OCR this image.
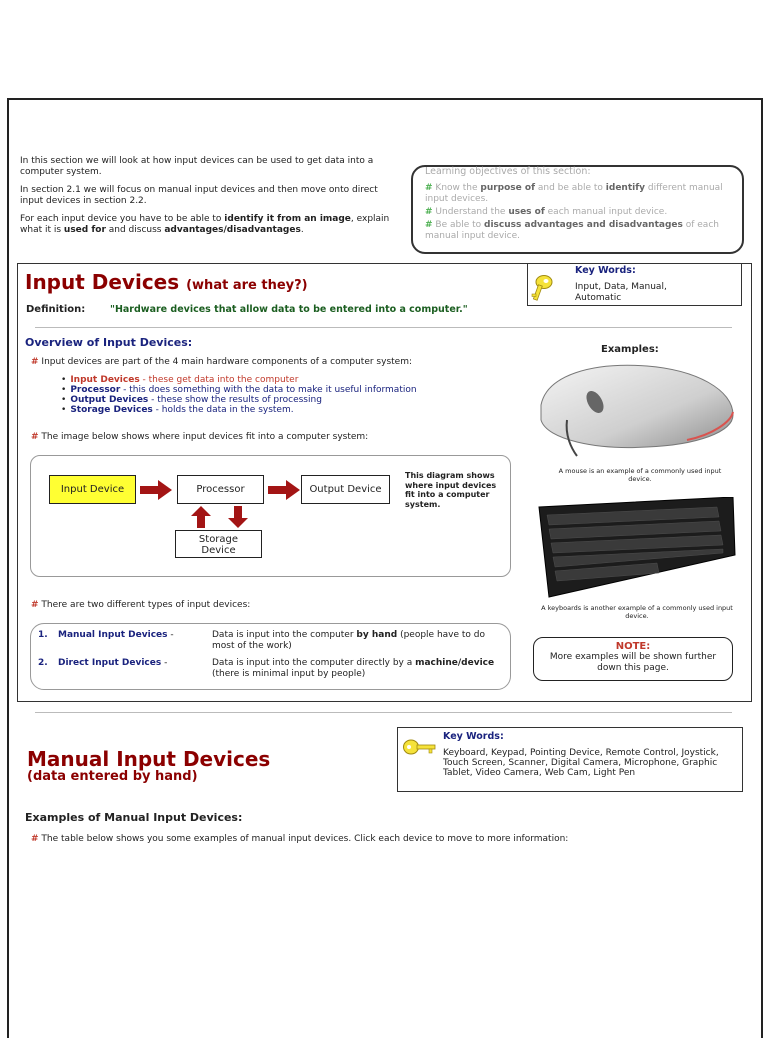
In this section we will look at how input devices can be used to get data into a computer system.

In section 2.1 we will focus on manual input devices and then move onto direct input devices in section 2.2.

For each input device you have to be able to identify it from an image, explain what it is used for and discuss advantages/disadvantages.

Learning objectives of this section:
# Know the purpose of and be able to identify different manual input devices.
# Understand the uses of each manual input device.
# Be able to discuss advantages and disadvantages of each manual input device.
Input Devices (what are they?)
Key Words:
Input, Data, Manual, Automatic
Definition:	"Hardware devices that allow data to be entered into a computer."
Overview of Input Devices:
# Input devices are part of the 4 main hardware components of a computer system:
• Input Devices - these get data into the computer
• Processor - this does something with the data to make it useful information
• Output Devices - these show the results of processing
• Storage Devices - holds the data in the system.
# The image below shows where input devices fit into a computer system:
Input Device	Processor	Output Device
Storage
Device
This diagram shows where input devices fit into a computer system.
Examples:
A mouse is an example of a commonly used input device.
A keyboards is another example of a commonly used input device.
# There are two different types of input devices:
1. Manual Input Devices -	Data is input into the computer by hand (people have to do most of the work)
2. Direct Input Devices -	Data is input into the computer directly by a machine/device (there is minimal input by people)
NOTE:
More examples will be shown further down this page.
Manual Input Devices
(data entered by hand)
Key Words:
Keyboard, Keypad, Pointing Device, Remote Control, Joystick, Touch Screen, Scanner, Digital Camera, Microphone, Graphic Tablet, Video Camera, Web Cam, Light Pen
Examples of Manual Input Devices:
# The table below shows you some examples of manual input devices. Click each device to move to more information:
